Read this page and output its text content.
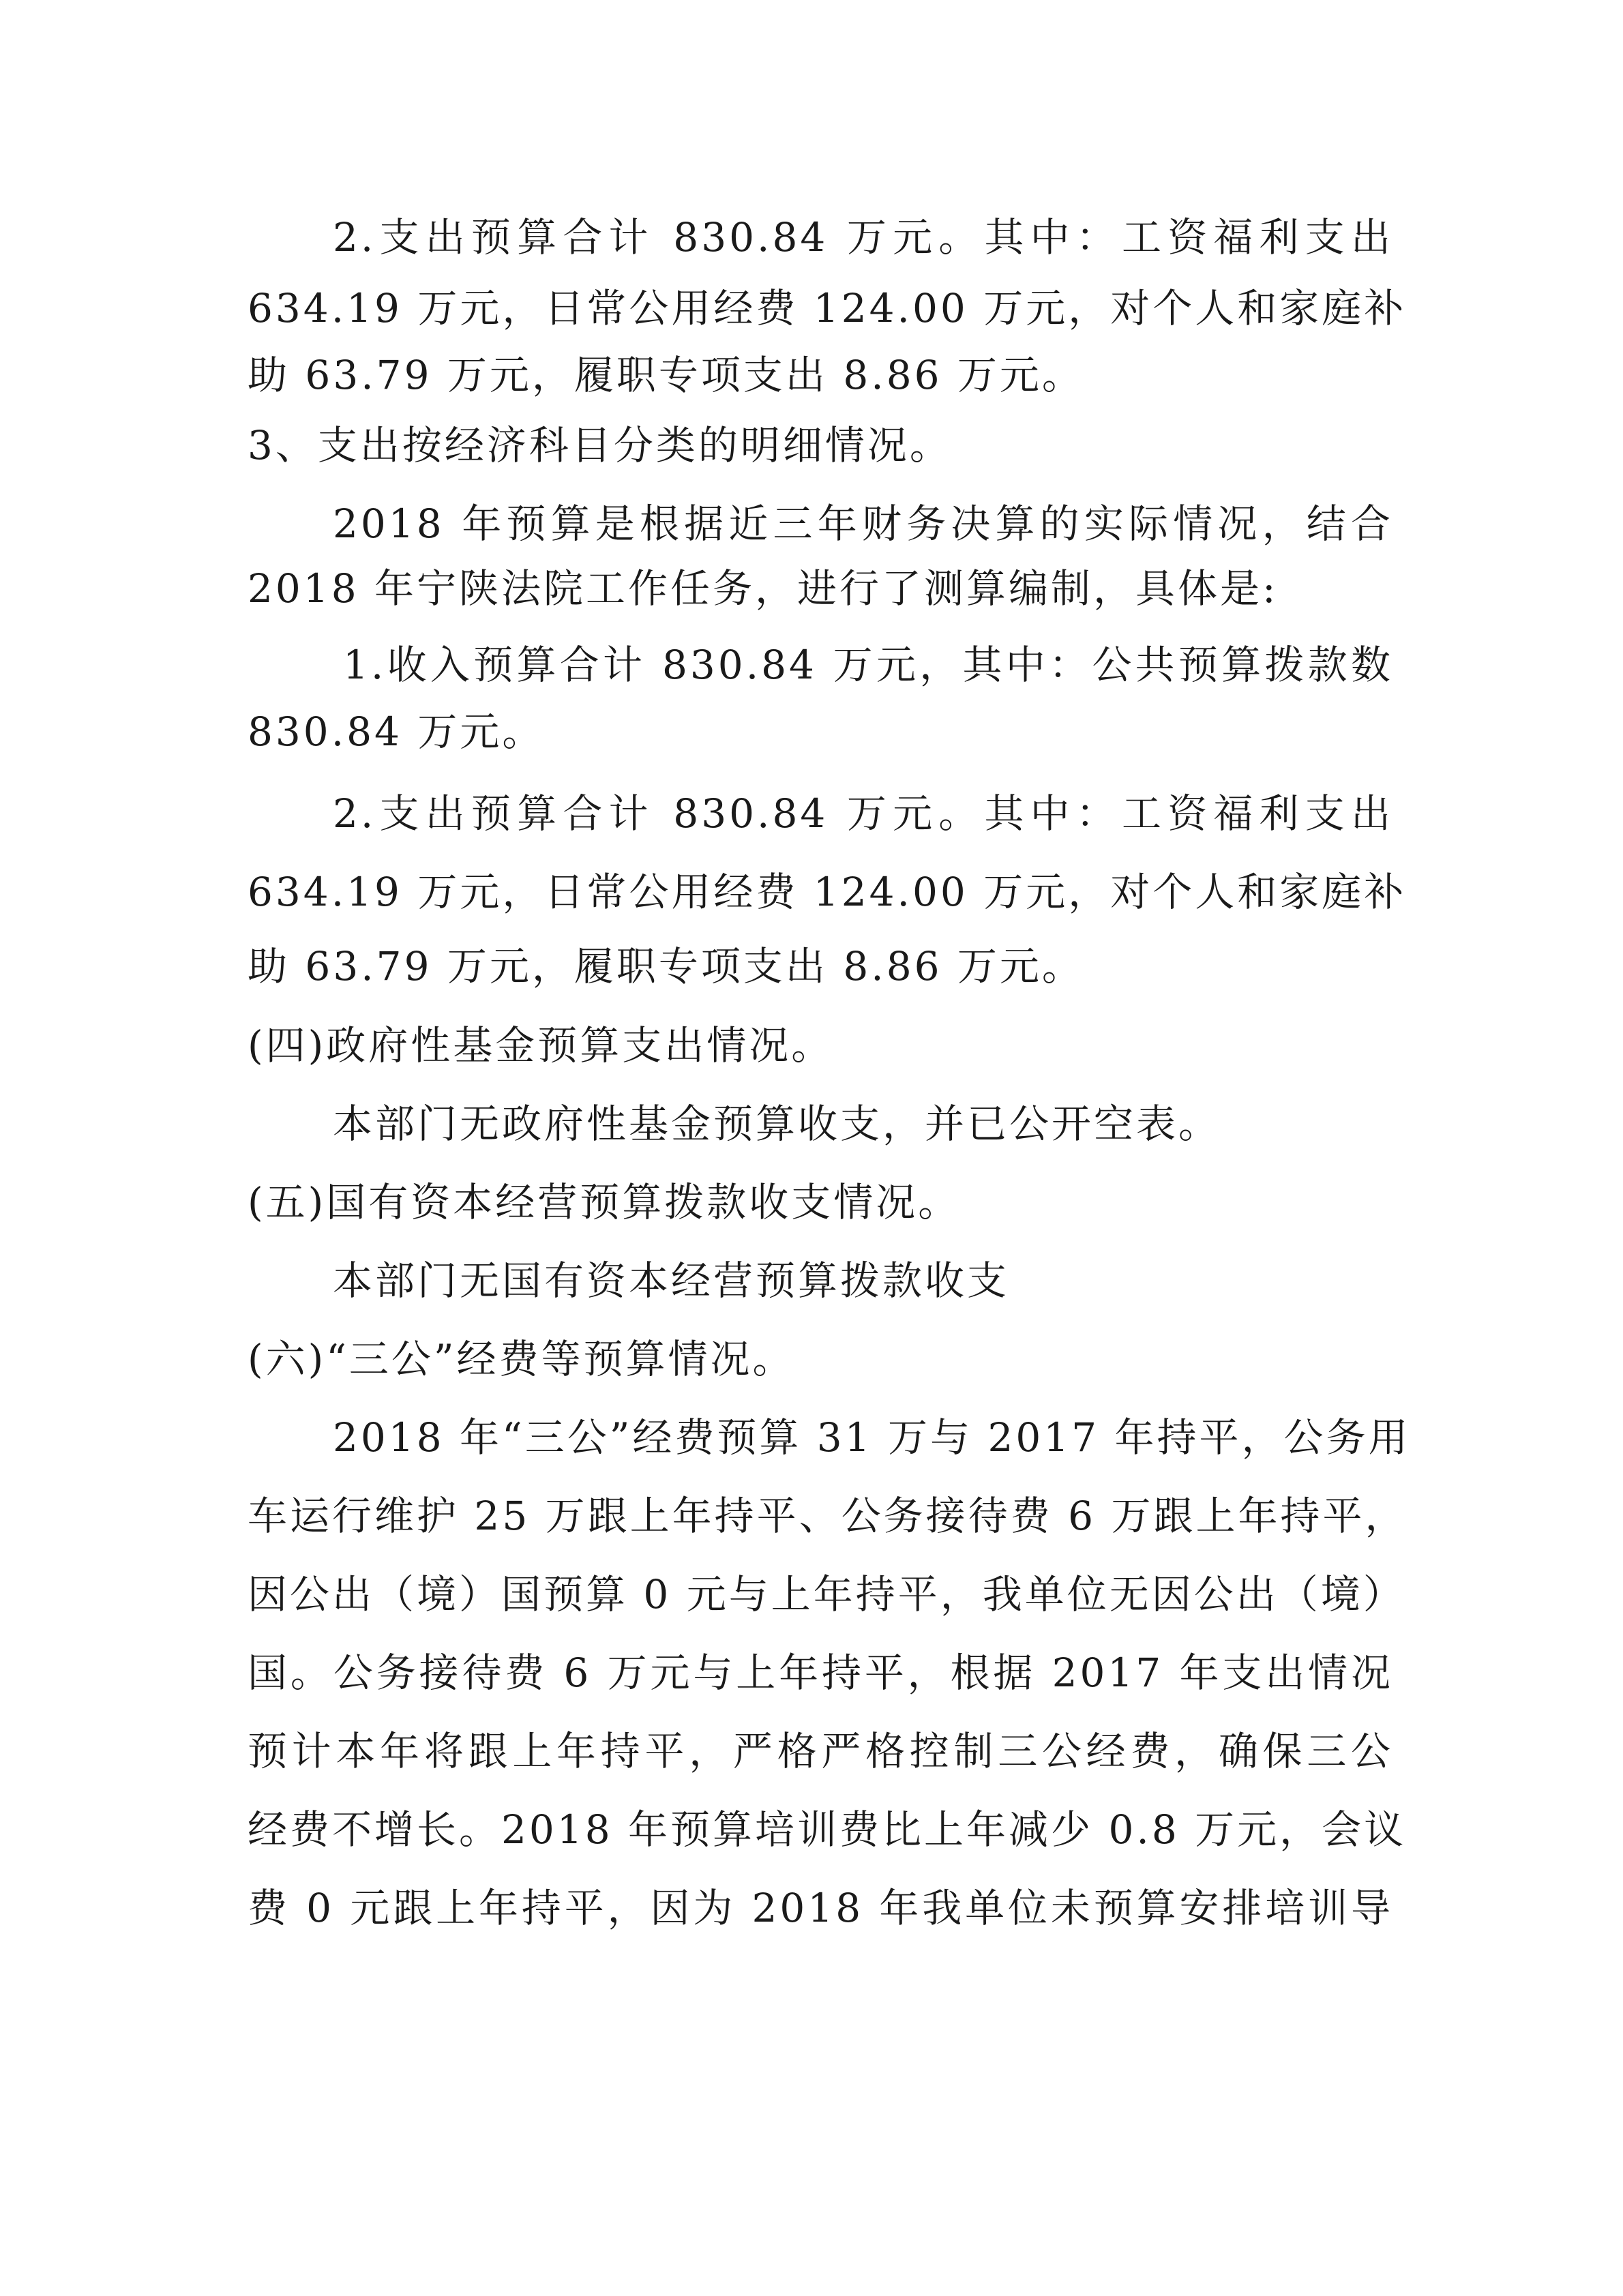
2.支出预算合计 830.84 万元。其中：工资福利支出
634.19 万元，日常公用经费 124.00 万元，对个人和家庭补
助 63.79 万元，履职专项支出 8.86 万元。
3、支出按经济科目分类的明细情况。
2018 年预算是根据近三年财务决算的实际情况，结合
2018 年宁陕法院工作任务，进行了测算编制，具体是:
1.收入预算合计 830.84 万元，其中：公共预算拨款数
830.84 万元。
2.支出预算合计 830.84 万元。其中：工资福利支出
634.19 万元，日常公用经费 124.00 万元，对个人和家庭补
助 63.79 万元，履职专项支出 8.86 万元。
(四)政府性基金预算支出情况。
本部门无政府性基金预算收支，并已公开空表。
(五)国有资本经营预算拨款收支情况。
本部门无国有资本经营预算拨款收支
(六)“三公”经费等预算情况。
2018 年“三公”经费预算 31 万与 2017 年持平，公务用
车运行维护 25 万跟上年持平、公务接待费 6 万跟上年持平，
因公出（境）国预算 0 元与上年持平，我单位无因公出（境）
国。公务接待费 6 万元与上年持平，根据 2017 年支出情况
预计本年将跟上年持平，严格严格控制三公经费，确保三公
经费不增长。2018 年预算培训费比上年减少 0.8 万元，会议
费 0 元跟上年持平，因为 2018 年我单位未预算安排培训导
